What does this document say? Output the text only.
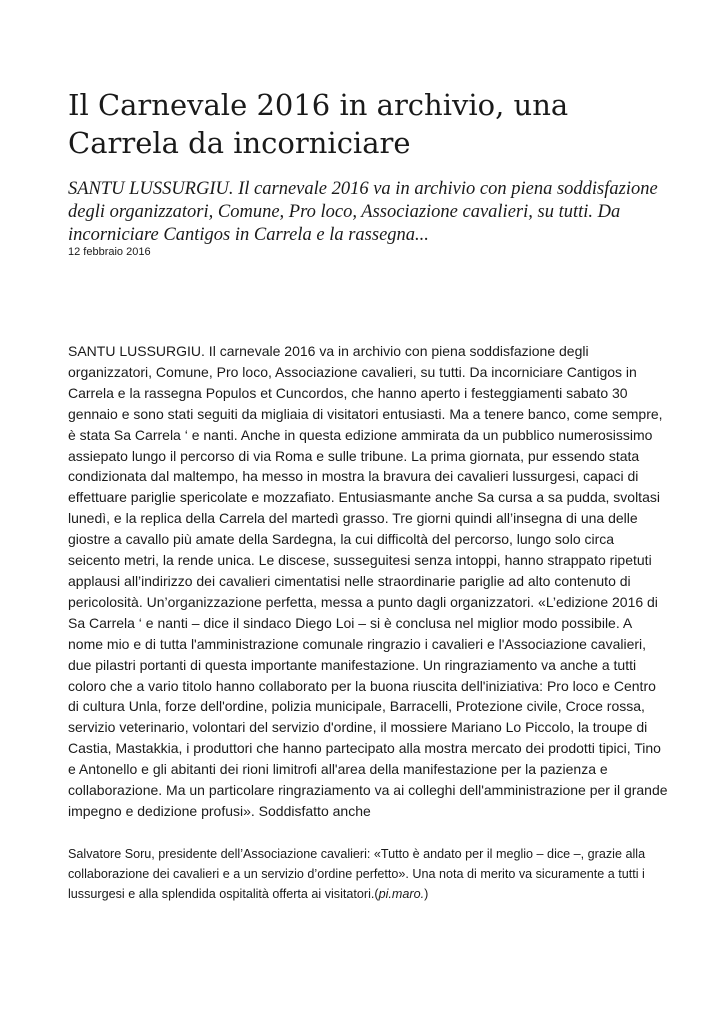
Il Carnevale 2016 in archivio, una Carrela da incorniciare

SANTU LUSSURGIU. Il carnevale 2016 va in archivio con piena soddisfazione degli organizzatori, Comune, Pro loco, Associazione cavalieri, su tutti. Da incorniciare Cantigos in Carrela e la rassegna...

12 febbraio 2016

SANTU LUSSURGIU. Il carnevale 2016 va in archivio con piena soddisfazione degli organizzatori, Comune, Pro loco, Associazione cavalieri, su tutti. Da incorniciare Cantigos in Carrela e la rassegna Populos et Cuncordos, che hanno aperto i festeggiamenti sabato 30 gennaio e sono stati seguiti da migliaia di visitatori entusiasti. Ma a tenere banco, come sempre, è stata Sa Carrela ‘ e nanti. Anche in questa edizione ammirata da un pubblico numerosissimo assiepato lungo il percorso di via Roma e sulle tribune. La prima giornata, pur essendo stata condizionata dal maltempo, ha messo in mostra la bravura dei cavalieri lussurgesi, capaci di effettuare pariglie spericolate e mozzafiato. Entusiasmante anche Sa cursa a sa pudda, svoltasi lunedì, e la replica della Carrela del martedì grasso. Tre giorni quindi all’insegna di una delle giostre a cavallo più amate della Sardegna, la cui difficoltà del percorso, lungo solo circa seicento metri, la rende unica. Le discese, susseguitesi senza intoppi, hanno strappato ripetuti applausi all’indirizzo dei cavalieri cimentatisi nelle straordinarie pariglie ad alto contenuto di pericolosità. Un’organizzazione perfetta, messa a punto dagli organizzatori. «L’edizione 2016 di Sa Carrela ‘ e nanti – dice il sindaco Diego Loi – si è conclusa nel miglior modo possibile. A nome mio e di tutta l'amministrazione comunale ringrazio i cavalieri e l'Associazione cavalieri, due pilastri portanti di questa importante manifestazione. Un ringraziamento va anche a tutti coloro che a vario titolo hanno collaborato per la buona riuscita dell'iniziativa: Pro loco e Centro di cultura Unla, forze dell'ordine, polizia municipale, Barracelli, Protezione civile, Croce rossa, servizio veterinario, volontari del servizio d'ordine, il mossiere Mariano Lo Piccolo, la troupe di Castia, Mastakkia, i produttori che hanno partecipato alla mostra mercato dei prodotti tipici, Tino e Antonello e gli abitanti dei rioni limitrofi all'area della manifestazione per la pazienza e collaborazione. Ma un particolare ringraziamento va ai colleghi dell'amministrazione per il grande impegno e dedizione profusi». Soddisfatto anche

Salvatore Soru, presidente dell’Associazione cavalieri: «Tutto è andato per il meglio – dice –, grazie alla collaborazione dei cavalieri e a un servizio d’ordine perfetto». Una nota di merito va sicuramente a tutti i lussurgesi e alla splendida ospitalità offerta ai visitatori.(pi.maro.)
